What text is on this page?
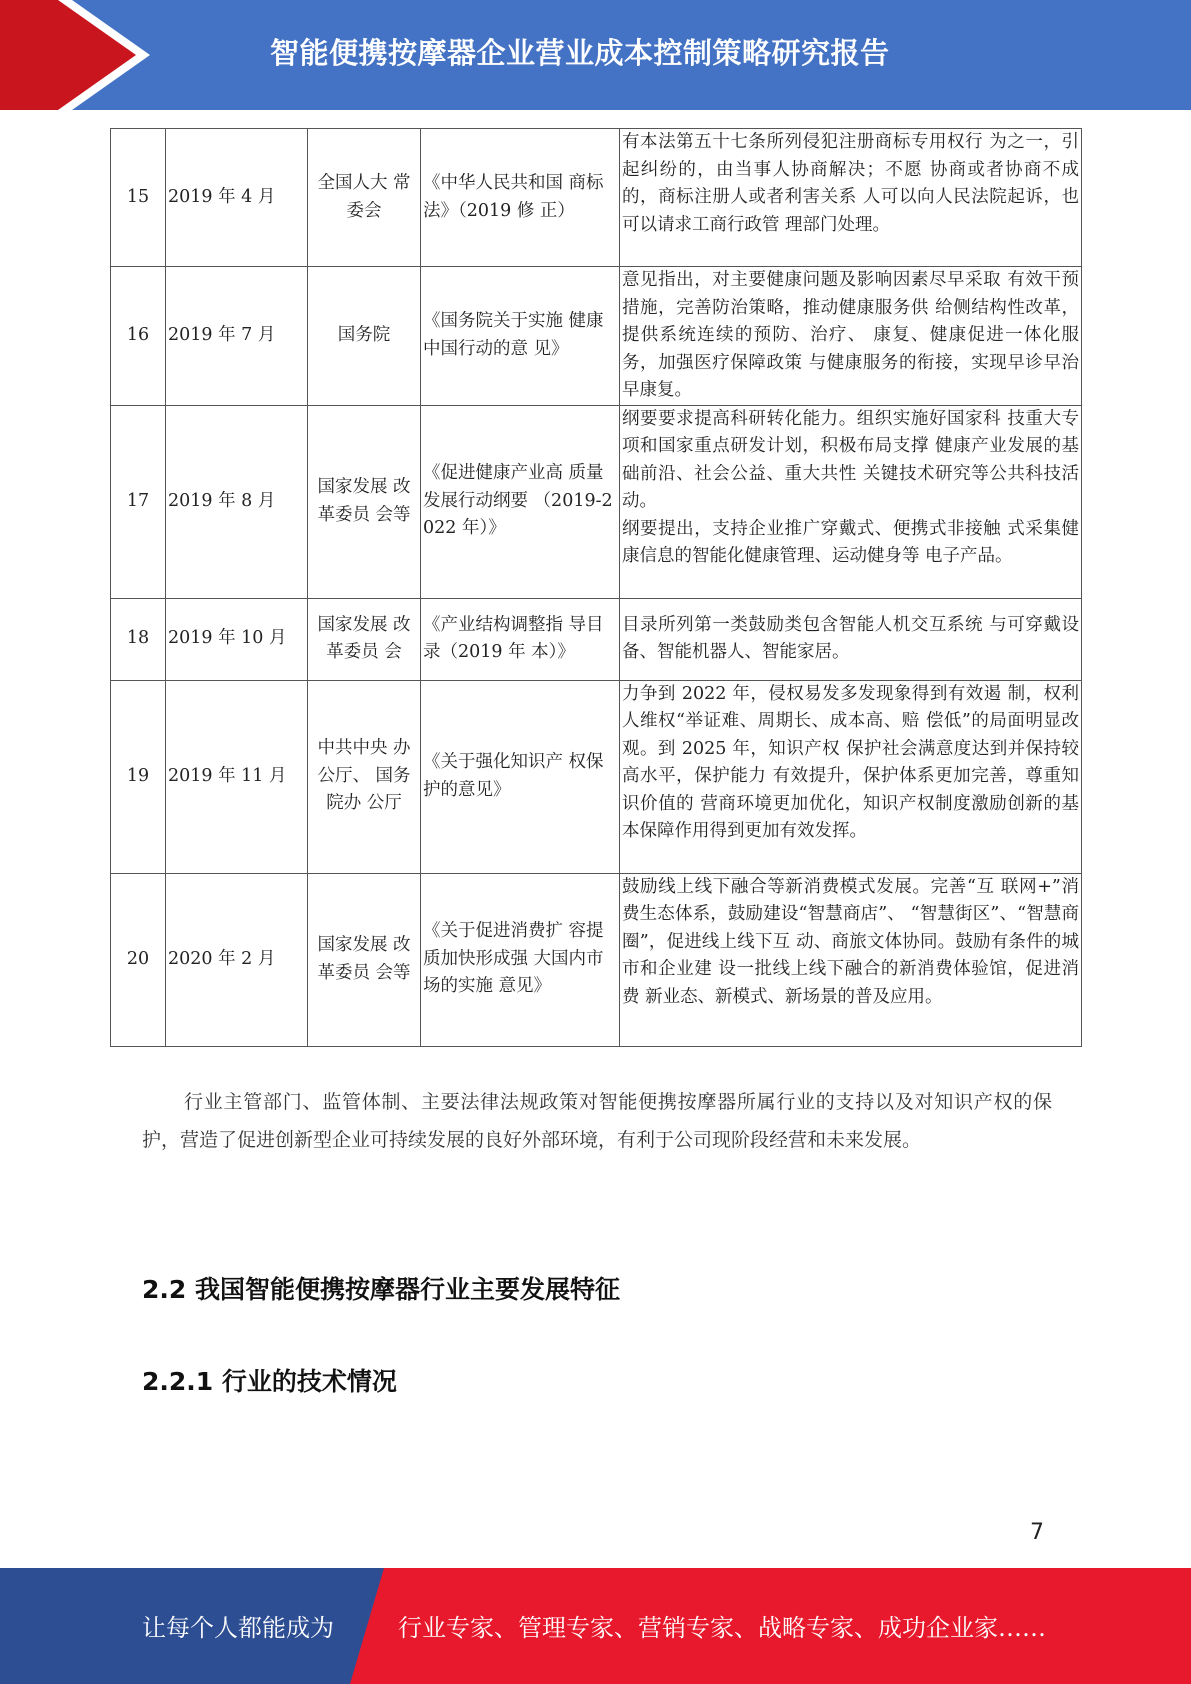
智能便携按摩器企业营业成本控制策略研究报告
15	2019 年 4 月	全国人大 常委会	《中华人民共和国 商标法》（2019 修 正）	有本法第五十七条所列侵犯注册商标专用权行 为之一，引起纠纷的，由当事人协商解决；不愿 协商或者协商不成的，商标注册人或者利害关系 人可以向人民法院起诉，也可以请求工商行政管 理部门处理。
16	2019 年 7 月	国务院	《国务院关于实施 健康中国行动的意 见》	意见指出，对主要健康问题及影响因素尽早采取 有效干预措施，完善防治策略，推动健康服务供 给侧结构性改革，提供系统连续的预防、治疗、 康复、健康促进一体化服务，加强医疗保障政策 与健康服务的衔接，实现早诊早治早康复。
17	2019 年 8 月	国家发展 改革委员 会等	《促进健康产业高 质量发展行动纲要 （2019-2022 年）》	纲要要求提高科研转化能力。组织实施好国家科 技重大专项和国家重点研发计划，积极布局支撑 健康产业发展的基础前沿、社会公益、重大共性 关键技术研究等公共科技活动。
纲要提出，支持企业推广穿戴式、便携式非接触 式采集健康信息的智能化健康管理、运动健身等 电子产品。

18	2019 年 10 月	国家发展 改革委员 会	《产业结构调整指 导目录（2019 年 本）》	目录所列第一类鼓励类包含智能人机交互系统 与可穿戴设备、智能机器人、智能家居。
19	2019 年 11 月	中共中央 办公厅、 国务院办 公厅	《关于强化知识产 权保护的意见》	力争到 2022 年，侵权易发多发现象得到有效遏 制，权利人维权“举证难、周期长、成本高、赔 偿低”的局面明显改观。到 2025 年，知识产权 保护社会满意度达到并保持较高水平，保护能力 有效提升，保护体系更加完善，尊重知识价值的 营商环境更加优化，知识产权制度激励创新的基 本保障作用得到更加有效发挥。
20	2020 年 2 月	国家发展 改革委员 会等	《关于促进消费扩 容提质加快形成强 大国内市场的实施 意见》	鼓励线上线下融合等新消费模式发展。完善“互 联网+”消费生态体系，鼓励建设“智慧商店”、 “智慧街区”、“智慧商圈”，促进线上线下互 动、商旅文体协同。鼓励有条件的城市和企业建 设一批线上线下融合的新消费体验馆，促进消费 新业态、新模式、新场景的普及应用。

行业主管部门、监管体制、主要法律法规政策对智能便携按摩器所属行业的支持以及对知识产权的保护，营造了促进创新型企业可持续发展的良好外部环境，有利于公司现阶段经营和未来发展。

2.2 我国智能便携按摩器行业主要发展特征
2.2.1 行业的技术情况
7
让每个人都能成为	行业专家、管理专家、营销专家、战略专家、成功企业家……
